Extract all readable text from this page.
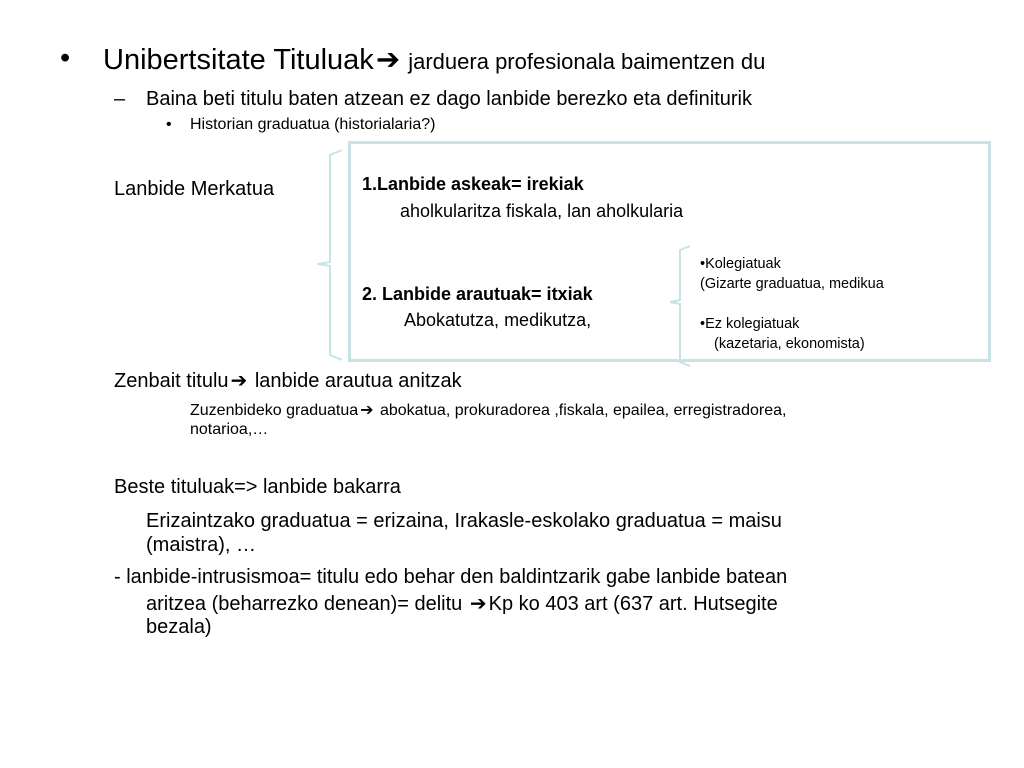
• Unibertsitate Tituluak➔ jarduera profesionala baimentzen du
– Baina beti titulu baten atzean ez dago lanbide berezko eta definiturik
• Historian graduatua (historialaria?)
Lanbide Merkatua	1.Lanbide askeak= irekiak
aholkularitza fiskala, lan aholkularia
2. Lanbide arautuak= itxiak
Abokatutza, medikutza,
•Kolegiatuak
(Gizarte graduatua, medikua
•Ez kolegiatuak
(kazetaria, ekonomista)
Zenbait titulu ➔ lanbide arautua anitzak
Zuzenbideko graduatua ➔ abokatua, prokuradorea ,fiskala, epailea, erregistradorea,
notarioa,…
Beste tituluak=> lanbide bakarra
Erizaintzako graduatua = erizaina, Irakasle-eskolako graduatua = maisu
(maistra), …
- lanbide-intrusismoa= titulu edo behar den baldintzarik gabe lanbide batean
aritzea (beharrezko denean)= delitu ➔ Kp ko 403 art (637 art. Hutsegite
bezala)
